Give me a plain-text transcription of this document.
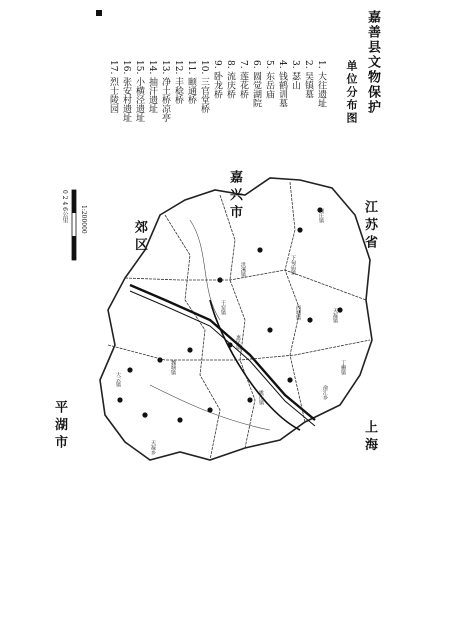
嘉善县文物保护
单位分布图
1. 大往遗址
2. 吴镇墓
3. 瑟山
4. 钱鹤训墓
5. 东岳庙
6. 圆觉湖院
7. 莲花桥
8. 流庆桥
9. 卧龙桥
10. 三官堂桥
11. 颐通桥
12. 丰稔桥
13. 净土桥凉亭
14. 抽汗遗址
15. 小横泾遗址
16. 张安村遗址
17. 烈士陵园
江 苏 省
上 海
平 湖 市
嘉 兴 市
郊 区
陶庄镇
西塘镇	天凝镇
干窑镇
惠民镇
姚庄镇
魏塘镇
大云镇
天凝乡
洪溪镇
俞汇乡
丁栅镇
下甸庙镇
0 2 4 6公里 1:200000
